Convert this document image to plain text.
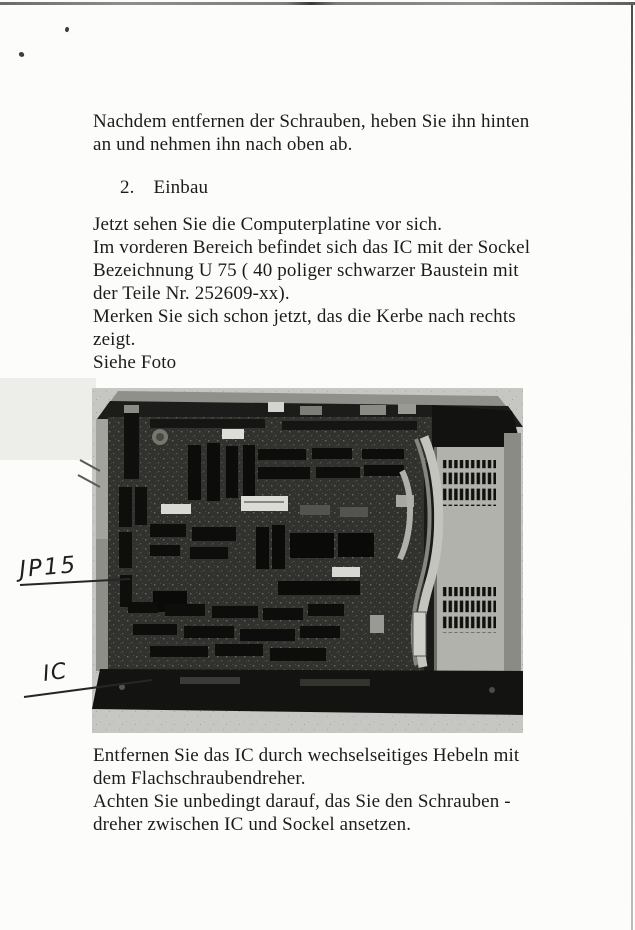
Nachdem entfernen der Schrauben, heben Sie ihn hinten
an und nehmen ihn nach oben ab.
2. Einbau
Jetzt sehen Sie die Computerplatine vor sich.
Im vorderen Bereich befindet sich das IC mit der Sockel
Bezeichnung U 75 ( 40 poliger schwarzer Baustein mit
der Teile Nr. 252609-xx).
Merken Sie sich schon jetzt, das die Kerbe nach rechts
zeigt.
Siehe Foto
JP15
IC
Entfernen Sie das IC durch wechselseitiges Hebeln mit
dem Flachschraubendreher.
Achten Sie unbedingt darauf, das Sie den Schrauben -
dreher zwischen IC und Sockel ansetzen.
